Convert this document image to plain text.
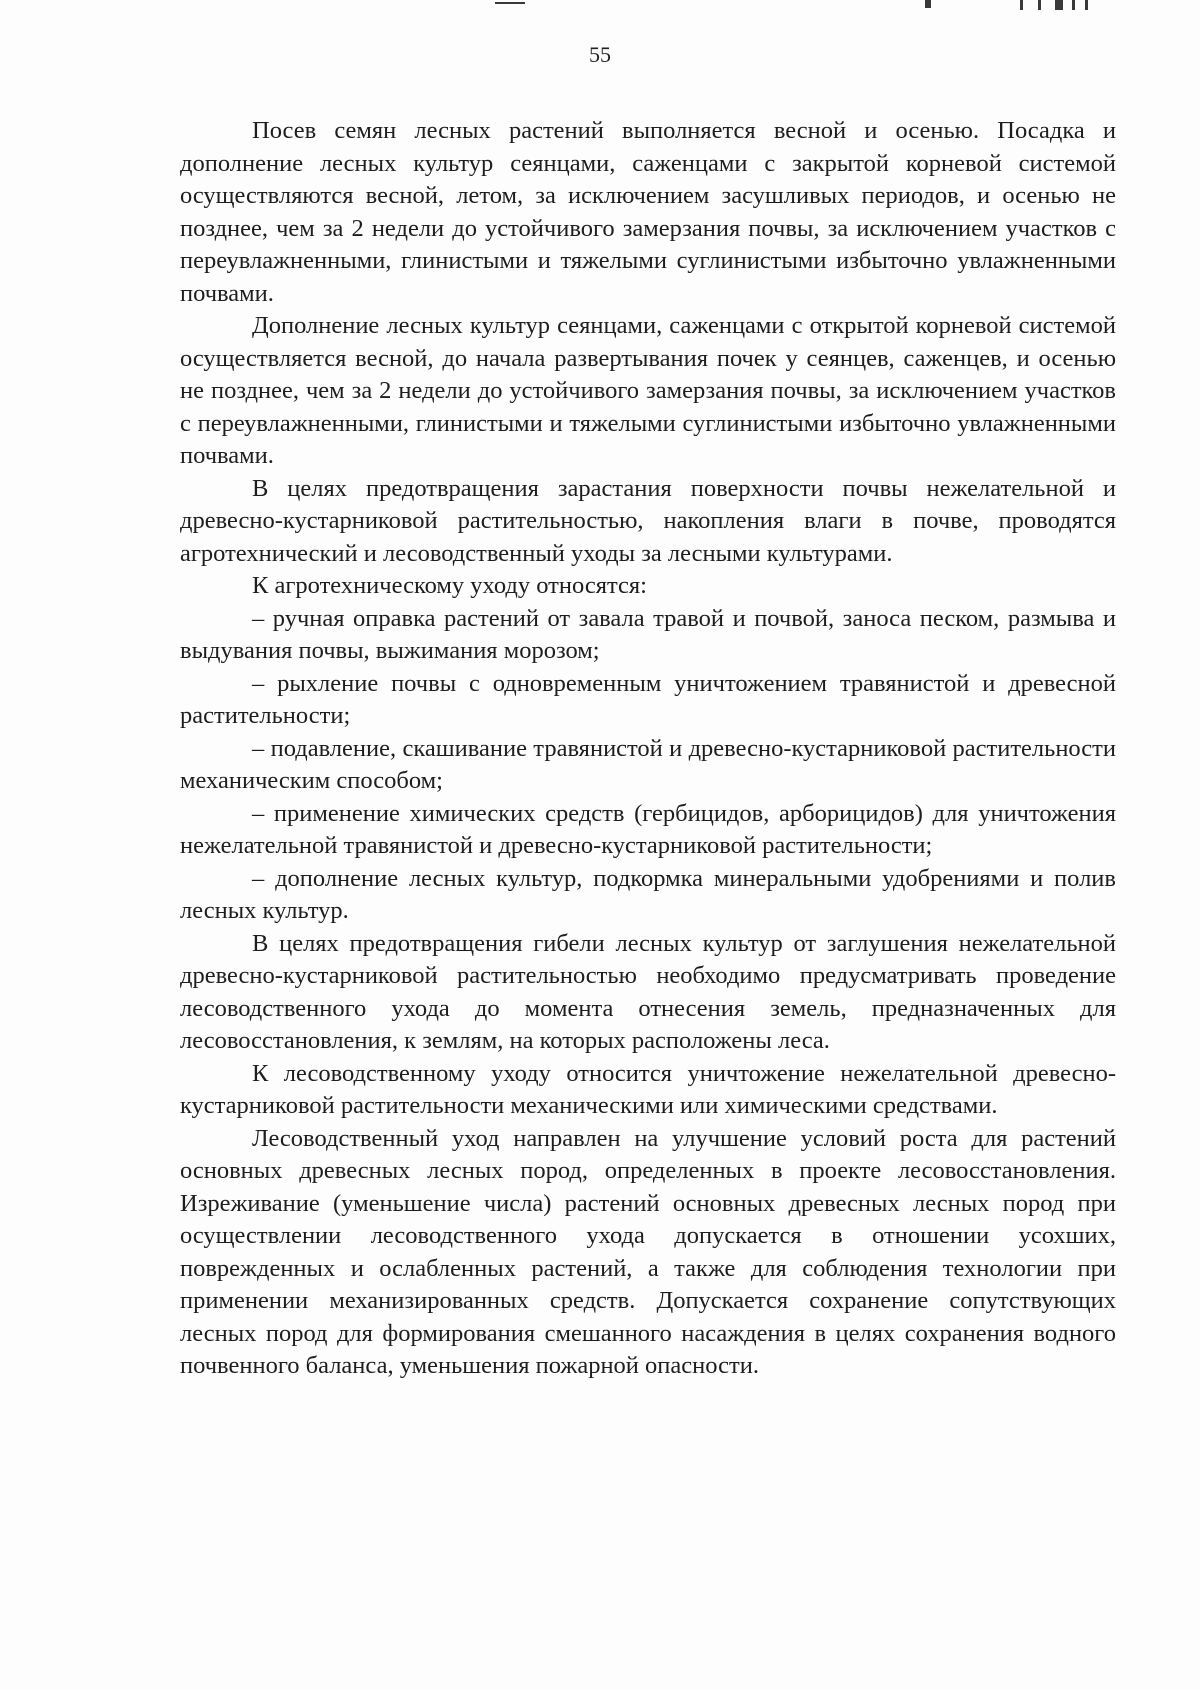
55

Посев семян лесных растений выполняется весной и осенью. Посадка и дополнение лесных культур сеянцами, саженцами с закрытой корневой системой осуществляются весной, летом, за исключением засушливых периодов, и осенью не позднее, чем за 2 недели до устойчивого замерзания почвы, за исключением участков с переувлажненными, глинистыми и тяжелыми суглинистыми избыточно увлажненными почвами.

Дополнение лесных культур сеянцами, саженцами с открытой корневой системой осуществляется весной, до начала развертывания почек у сеянцев, саженцев, и осенью не позднее, чем за 2 недели до устойчивого замерзания почвы, за исключением участков с переувлажненными, глинистыми и тяжелыми суглинистыми избыточно увлажненными почвами.

В целях предотвращения зарастания поверхности почвы нежелательной и древесно-кустарниковой растительностью, накопления влаги в почве, проводятся агротехнический и лесоводственный уходы за лесными культурами.

К агротехническому уходу относятся:

– ручная оправка растений от завала травой и почвой, заноса песком, размыва и выдувания почвы, выжимания морозом;

– рыхление почвы с одновременным уничтожением травянистой и древесной растительности;

– подавление, скашивание травянистой и древесно-кустарниковой растительности механическим способом;

– применение химических средств (гербицидов, арборицидов) для уничтожения нежелательной травянистой и древесно-кустарниковой растительности;

– дополнение лесных культур, подкормка минеральными удобрениями и полив лесных культур.

В целях предотвращения гибели лесных культур от заглушения нежелательной древесно-кустарниковой растительностью необходимо предусматривать проведение лесоводственного ухода до момента отнесения земель, предназначенных для лесовосстановления, к землям, на которых расположены леса.

К лесоводственному уходу относится уничтожение нежелательной древесно-кустарниковой растительности механическими или химическими средствами.

Лесоводственный уход направлен на улучшение условий роста для растений основных древесных лесных пород, определенных в проекте лесовосстановления. Изреживание (уменьшение числа) растений основных древесных лесных пород при осуществлении лесоводственного ухода допускается в отношении усохших, поврежденных и ослабленных растений, а также для соблюдения технологии при применении механизированных средств. Допускается сохранение сопутствующих лесных пород для формирования смешанного насаждения в целях сохранения водного почвенного баланса, уменьшения пожарной опасности.
